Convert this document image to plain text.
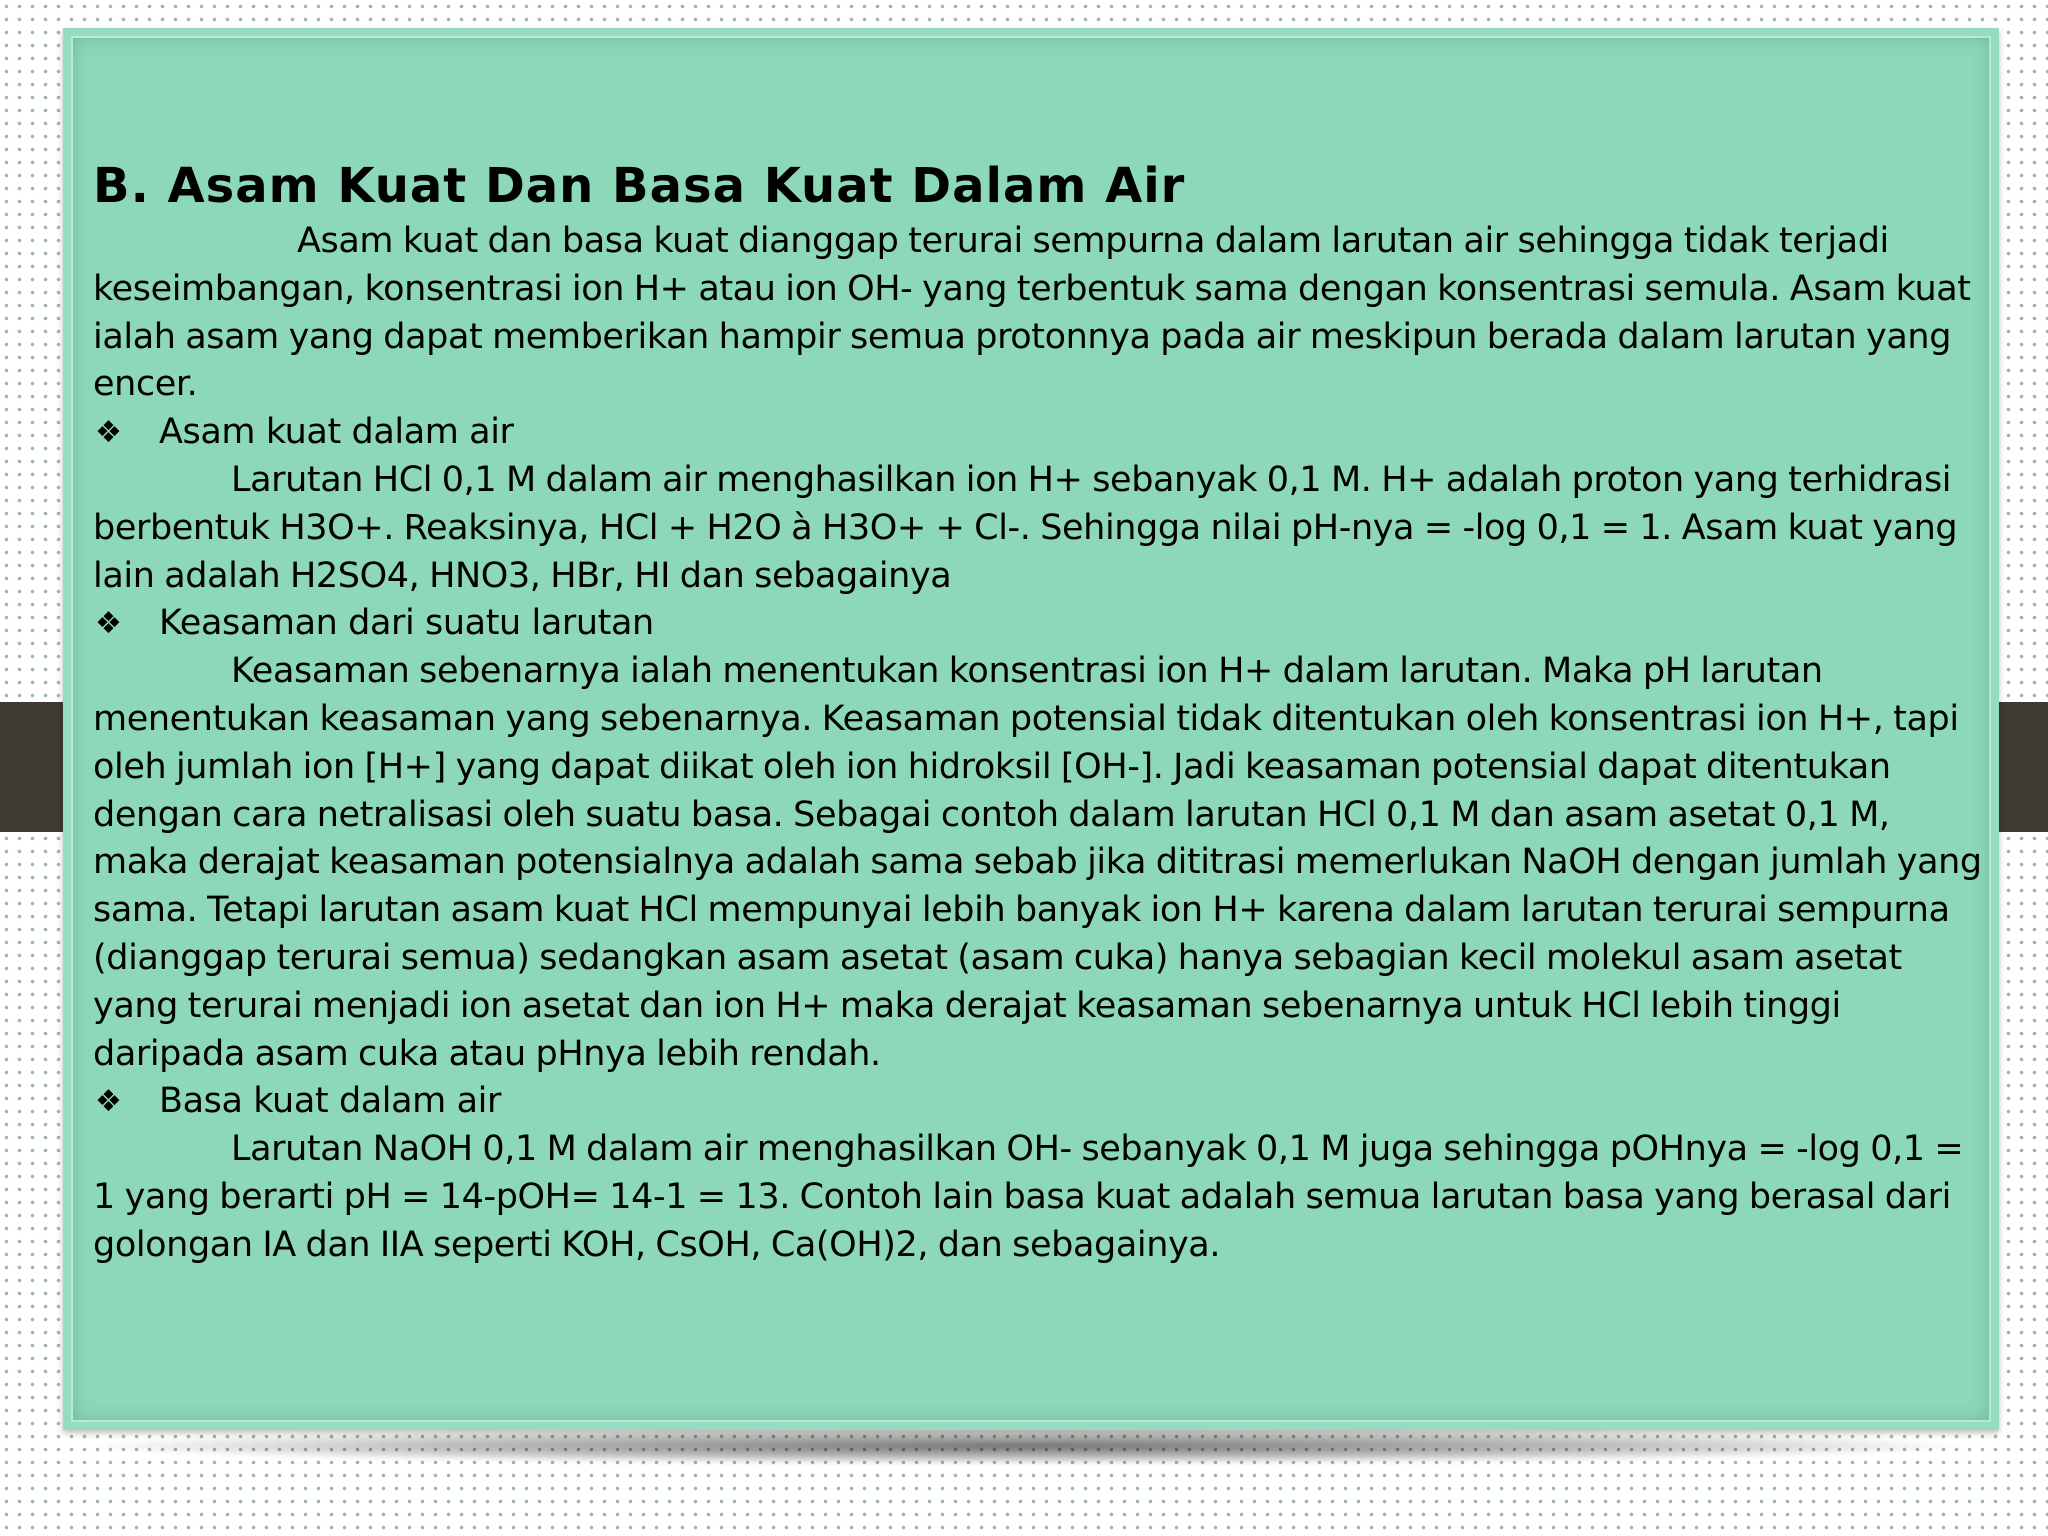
B. Asam Kuat Dan Basa Kuat Dalam Air

Asam kuat dan basa kuat dianggap terurai sempurna dalam larutan air sehingga tidak terjadi keseimbangan, konsentrasi ion H+ atau ion OH- yang terbentuk sama dengan konsentrasi semula. Asam kuat ialah asam yang dapat memberikan hampir semua protonnya pada air meskipun berada dalam larutan yang encer.

❖	Asam kuat dalam air

Larutan HCl 0,1 M dalam air menghasilkan ion H+ sebanyak 0,1 M. H+ adalah proton yang terhidrasi berbentuk H3O+. Reaksinya, HCl + H2O à H3O+ + Cl-. Sehingga nilai pH-nya = -log 0,1 = 1. Asam kuat yang lain adalah H2SO4, HNO3, HBr, HI dan sebagainya

❖	Keasaman dari suatu larutan

Keasaman sebenarnya ialah menentukan konsentrasi ion H+ dalam larutan. Maka pH larutan menentukan keasaman yang sebenarnya. Keasaman potensial tidak ditentukan oleh konsentrasi ion H+, tapi oleh jumlah ion [H+] yang dapat diikat oleh ion hidroksil [OH-]. Jadi keasaman potensial dapat ditentukan dengan cara netralisasi oleh suatu basa. Sebagai contoh dalam larutan HCl 0,1 M dan asam asetat 0,1 M, maka derajat keasaman potensialnya adalah sama sebab jika dititrasi memerlukan NaOH dengan jumlah yang sama. Tetapi larutan asam kuat HCl mempunyai lebih banyak ion H+ karena dalam larutan terurai sempurna (dianggap terurai semua) sedangkan asam asetat (asam cuka) hanya sebagian kecil molekul asam asetat yang terurai menjadi ion asetat dan ion H+ maka derajat keasaman sebenarnya untuk HCl lebih tinggi daripada asam cuka atau pHnya lebih rendah.

❖	Basa kuat dalam air

Larutan NaOH 0,1 M dalam air menghasilkan OH- sebanyak 0,1 M juga sehingga pOHnya = -log 0,1 = 1 yang berarti pH = 14-pOH= 14-1 = 13. Contoh lain basa kuat adalah semua larutan basa yang berasal dari golongan IA dan IIA seperti KOH, CsOH, Ca(OH)2, dan sebagainya.
